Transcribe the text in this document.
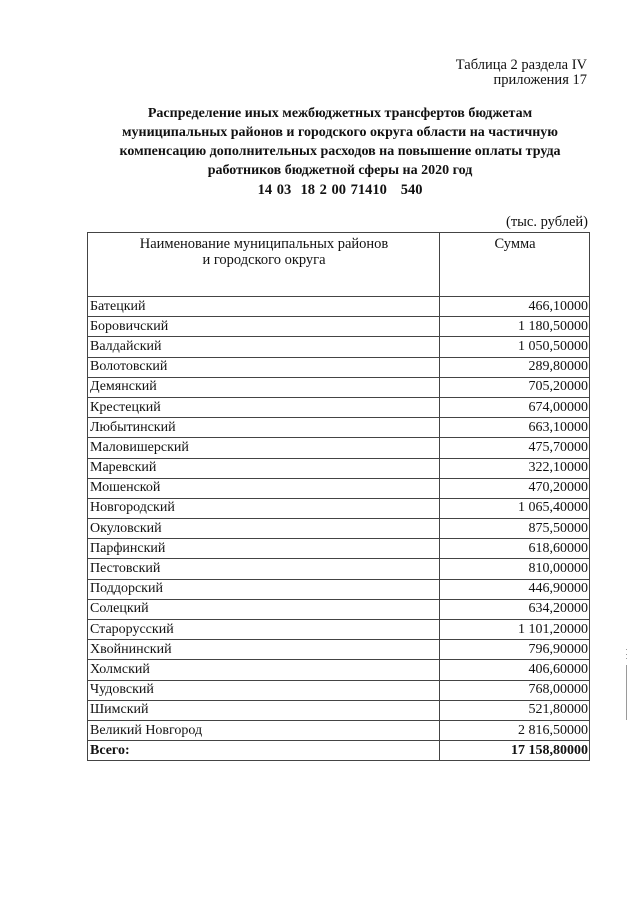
Таблица 2 раздела IV
приложения 17
Распределение иных межбюджетных трансфертов бюджетам
муниципальных районов и городского округа области на частичную
компенсацию дополнительных расходов на повышение оплаты труда
работников бюджетной сферы на 2020 год
14 03  18 2 00 71410   540
(тыс. рублей)
Наименование муниципальных районов
и городского округа	Сумма
Батецкий	466,10000
Боровичский	1 180,50000
Валдайский	1 050,50000
Волотовский	289,80000
Демянский	705,20000
Крестецкий	674,00000
Любытинский	663,10000
Маловишерский	475,70000
Маревский	322,10000
Мошенской	470,20000
Новгородский	1 065,40000
Окуловский	875,50000
Парфинский	618,60000
Пестовский	810,00000
Поддорский	446,90000
Солецкий	634,20000
Старорусский	1 101,20000
Хвойнинский	796,90000
Холмский	406,60000
Чудовский	768,00000
Шимский	521,80000
Великий Новгород	2 816,50000
Всего:	17 158,80000
